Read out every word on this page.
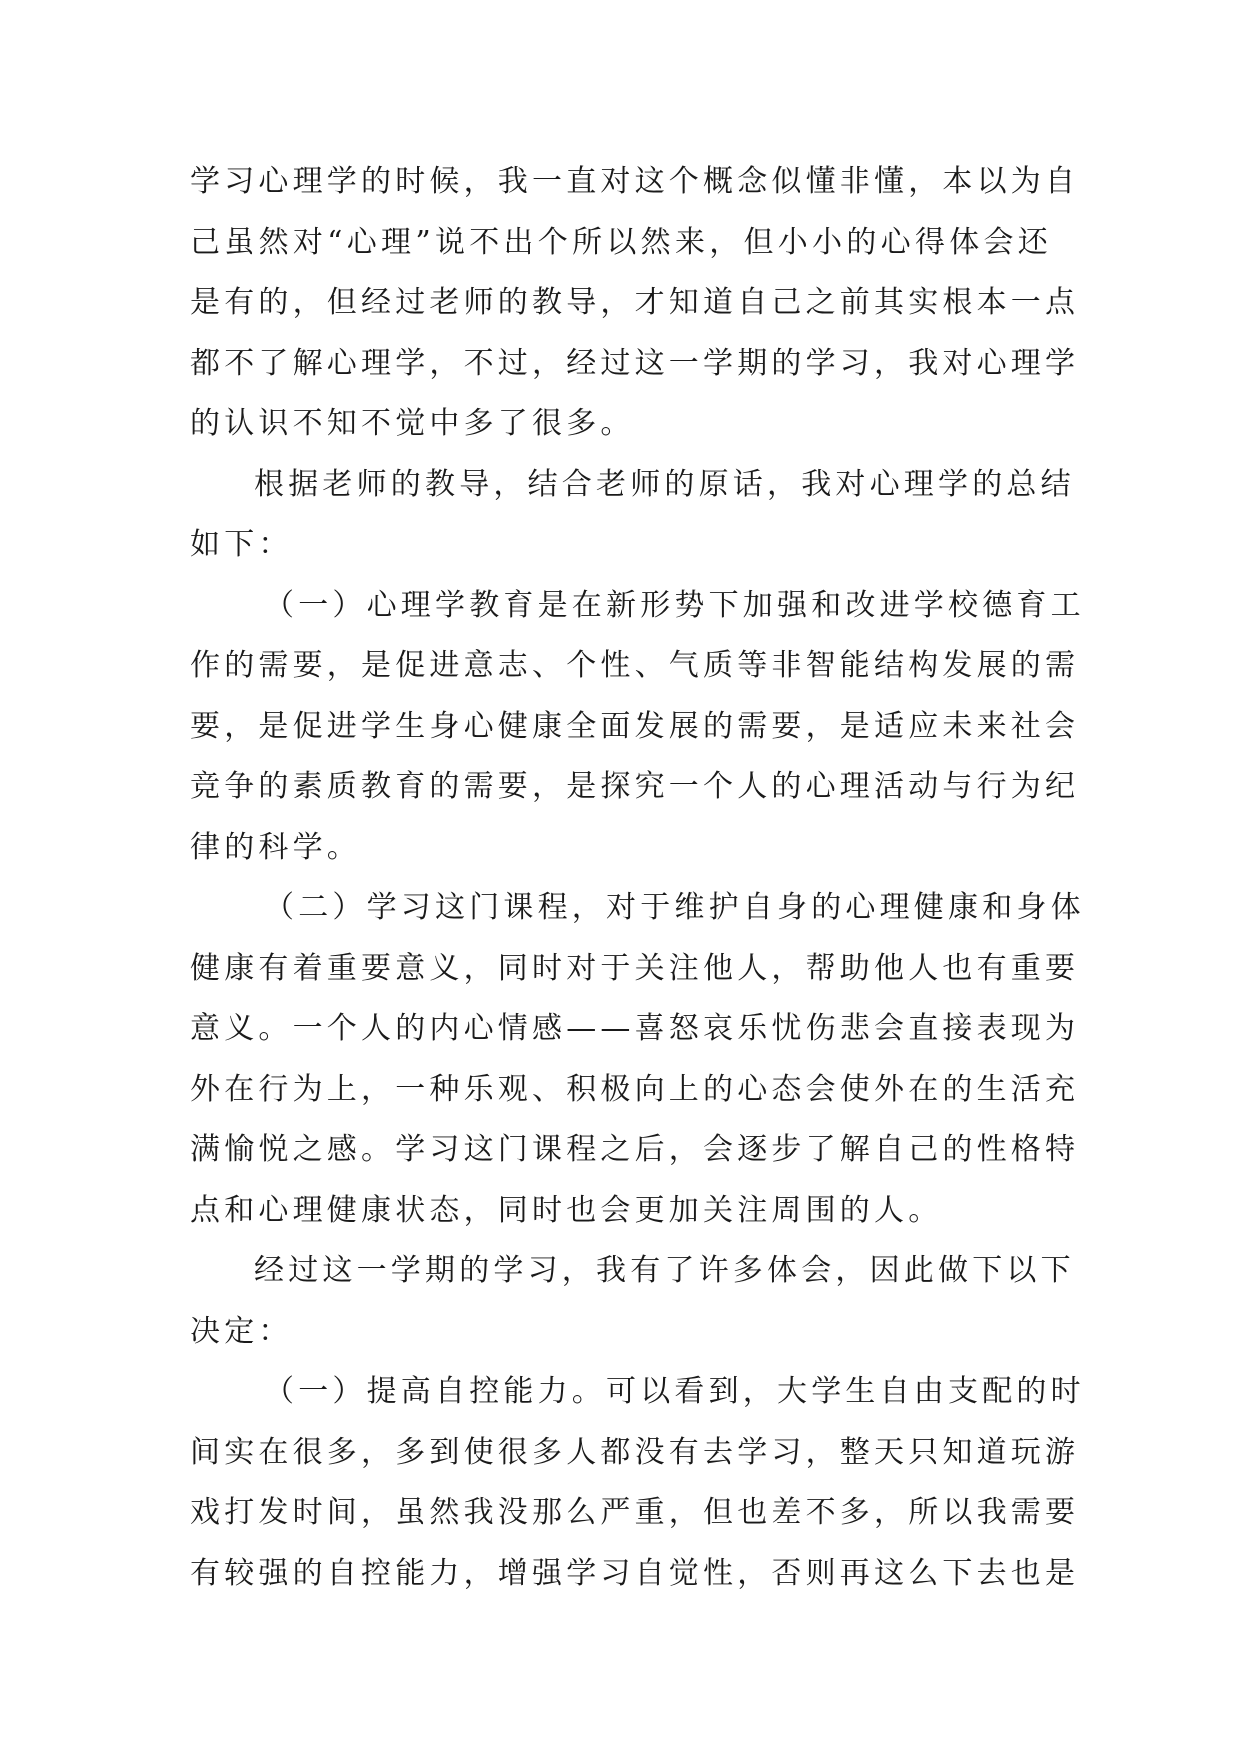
学习心理学的时候，我一直对这个概念似懂非懂，本以为自
己虽然对“心理”说不出个所以然来，但小小的心得体会还
是有的，但经过老师的教导，才知道自己之前其实根本一点
都不了解心理学，不过，经过这一学期的学习，我对心理学
的认识不知不觉中多了很多。

根据老师的教导，结合老师的原话，我对心理学的总结
如下：

（一）心理学教育是在新形势下加强和改进学校德育工
作的需要，是促进意志、个性、气质等非智能结构发展的需
要，是促进学生身心健康全面发展的需要，是适应未来社会
竞争的素质教育的需要，是探究一个人的心理活动与行为纪
律的科学。

（二）学习这门课程，对于维护自身的心理健康和身体
健康有着重要意义，同时对于关注他人，帮助他人也有重要
意义。一个人的内心情感——喜怒哀乐忧伤悲会直接表现为
外在行为上，一种乐观、积极向上的心态会使外在的生活充
满愉悦之感。学习这门课程之后，会逐步了解自己的性格特
点和心理健康状态，同时也会更加关注周围的人。

经过这一学期的学习，我有了许多体会，因此做下以下
决定：

（一）提高自控能力。可以看到，大学生自由支配的时
间实在很多，多到使很多人都没有去学习，整天只知道玩游
戏打发时间，虽然我没那么严重，但也差不多，所以我需要
有较强的自控能力，增强学习自觉性，否则再这么下去也是
